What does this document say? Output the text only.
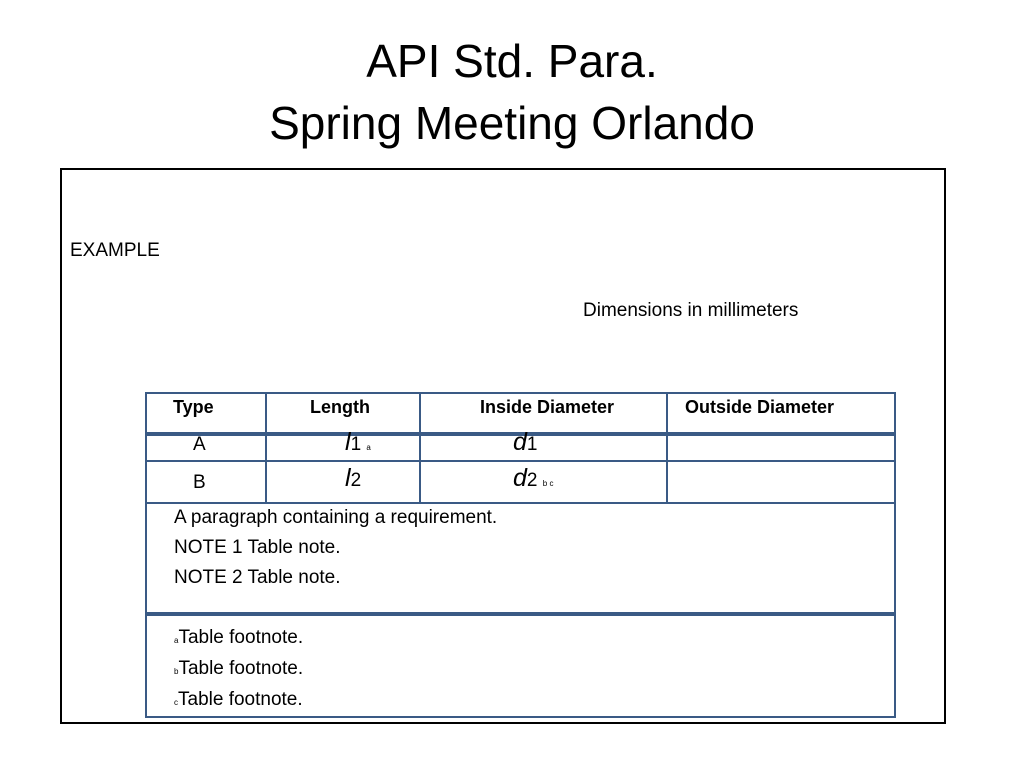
API Std. Para.
Spring Meeting Orlando
EXAMPLE
Dimensions in millimeters
Type	Length	Inside Diameter	Outside Diameter
A	l1 a	d1
B	l2	d2 b c
A paragraph containing a requirement.
NOTE 1 Table note.
NOTE 2 Table note.
aTable footnote.
bTable footnote.
cTable footnote.
